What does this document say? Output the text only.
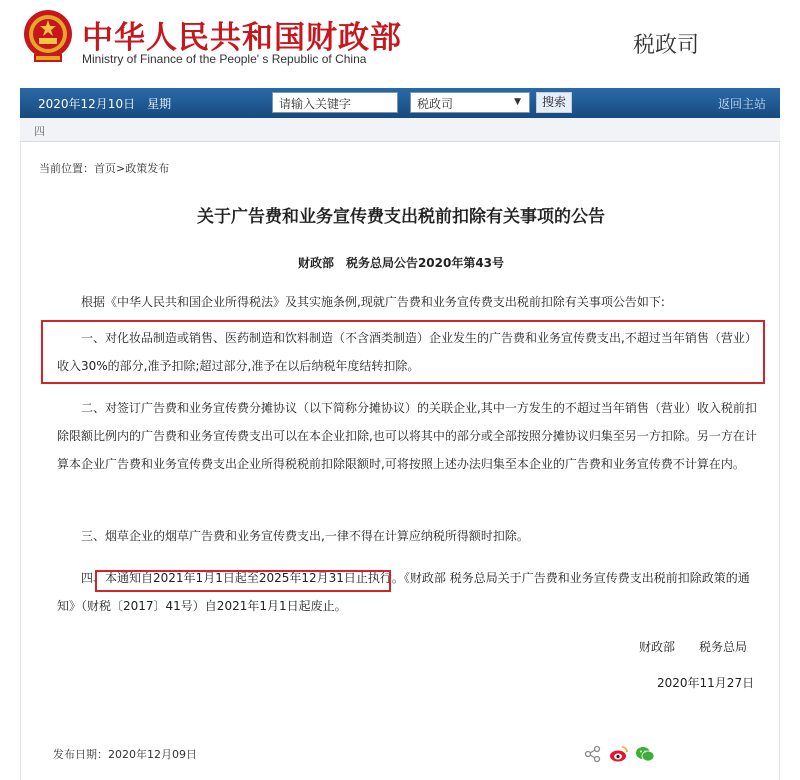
中华人民共和国财政部
Ministry of Finance of the People' s Republic of China
税政司
2020年12月10日　星期	请输入关键字	税政司	▼	搜索	返回主站
四
当前位置：首页>政策发布
关于广告费和业务宣传费支出税前扣除有关事项的公告
财政部　税务总局公告2020年第43号
根据《中华人民共和国企业所得税法》及其实施条例,现就广告费和业务宣传费支出税前扣除有关事项公告如下:
一、对化妆品制造或销售、医药制造和饮料制造（不含酒类制造）企业发生的广告费和业务宣传费支出,不超过当年销售（营业）收入30%的部分,准予扣除;超过部分,准予在以后纳税年度结转扣除。
二、对签订广告费和业务宣传费分摊协议（以下简称分摊协议）的关联企业,其中一方发生的不超过当年销售（营业）收入税前扣除限额比例内的广告费和业务宣传费支出可以在本企业扣除,也可以将其中的部分或全部按照分摊协议归集至另一方扣除。另一方在计算本企业广告费和业务宣传费支出企业所得税税前扣除限额时,可将按照上述办法归集至本企业的广告费和业务宣传费不计算在内。
三、烟草企业的烟草广告费和业务宣传费支出,一律不得在计算应纳税所得额时扣除。
四、本通知自2021年1月1日起至2025年12月31日止执行。《财政部 税务总局关于广告费和业务宣传费支出税前扣除政策的通知》（财税〔2017〕41号）自2021年1月1日起废止。
财政部 税务总局
2020年11月27日
发布日期：2020年12月09日
